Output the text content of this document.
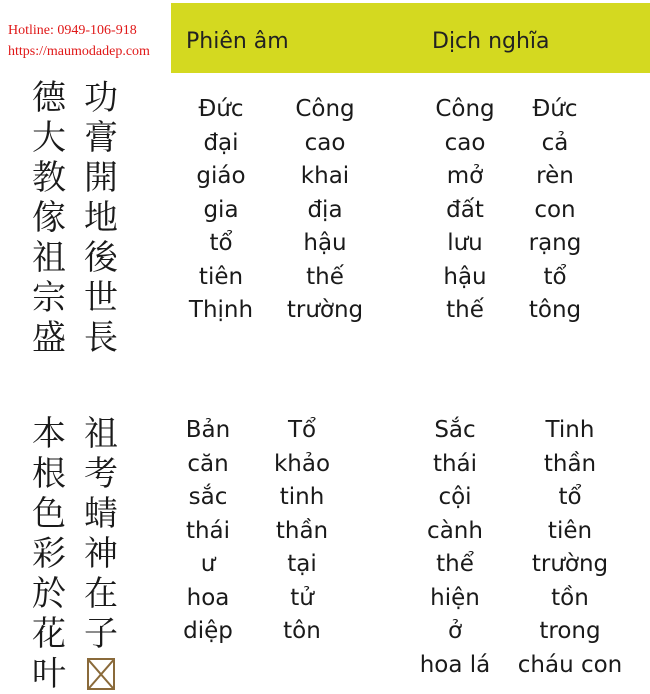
Hotline: 0949-106-918
https://maumodadep.com	Phiên âm	Dịch nghĩa
德
大
教
傢
祖
宗
盛
功
膏
開
地
後
世
長
Đức
đại
giáo
gia
tổ
tiên
Thịnh
Công
cao
khai
địa
hậu
thế
trường
Công
cao
mở
đất
lưu
hậu
thế
Đức
cả
rèn
con
rạng
tổ
tông
本
根
色
彩
於
花
叶
祖
考
蜻
神
在
子
Bản
căn
sắc
thái
ư
hoa
diệp
Tổ
khảo
tinh
thần
tại
tử
tôn
Sắc
thái
cội
cành
thể
hiện
ở
hoa lá
Tinh
thần
tổ
tiên
trường
tồn
trong
cháu con
